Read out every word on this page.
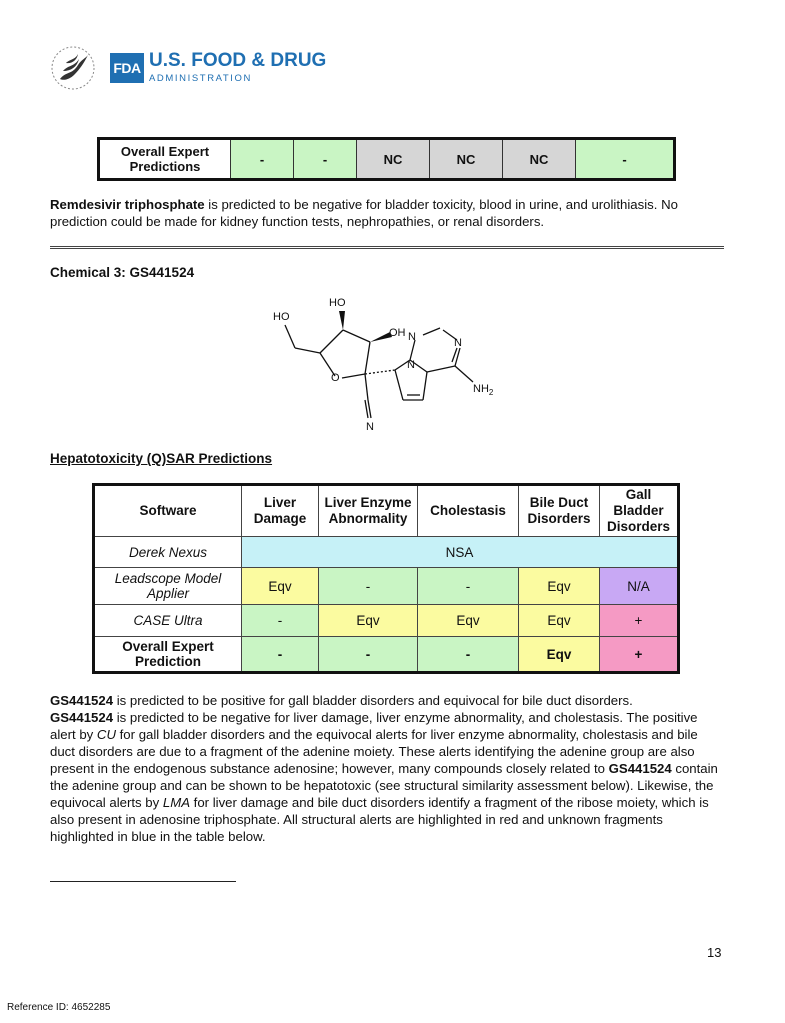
FDA U.S. FOOD & DRUG
ADMINISTRATION
Overall Expert Predictions	-	-	NC	NC	NC	-
Remdesivir triphosphate is predicted to be negative for bladder toxicity, blood in urine, and urolithiasis. No prediction could be made for kidney function tests, nephropathies, or renal disorders.
Chemical 3: GS441524
HO
HO
OH N	N
N
O
$NH_2$
N
Hepatotoxicity (Q)SAR Predictions
Software	Liver Damage	Liver Enzyme Abnormality	Cholestasis	Bile Duct Disorders	Gall Bladder Disorders
Derek Nexus	NSA				
Leadscope Model Applier	Eqv	-	-	Eqv	N/A
CASE Ultra	-	Eqv	Eqv	Eqv	+
Overall Expert Prediction	-	-	-	Eqv	+
GS441524 is predicted to be positive for gall bladder disorders and equivocal for bile duct disorders.
GS441524 is predicted to be negative for liver damage, liver enzyme abnormality, and cholestasis. The positive alert by CU for gall bladder disorders and the equivocal alerts for liver enzyme abnormality, cholestasis and bile duct disorders are due to a fragment of the adenine moiety. These alerts identifying the adenine group are also present in the endogenous substance adenosine; however, many compounds closely related to GS441524 contain the adenine group and can be shown to be hepatotoxic (see structural similarity assessment below). Likewise, the equivocal alerts by LMA for liver damage and bile duct disorders identify a fragment of the ribose moiety, which is also present in adenosine triphosphate. All structural alerts are highlighted in red and unknown fragments highlighted in blue in the table below.
13
Reference ID: 4652285
